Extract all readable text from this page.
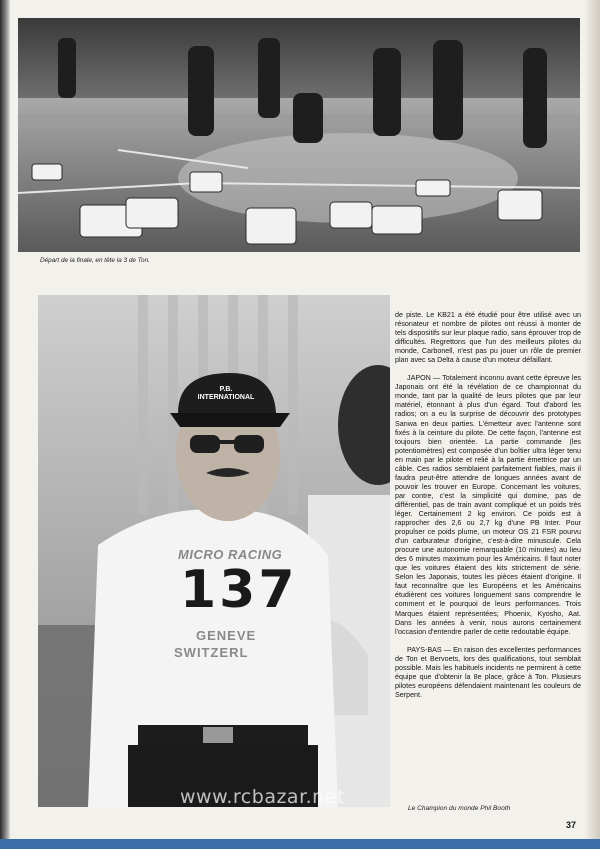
Départ de la finale, en tête la 3 de Ton.
P.B. INTERNATIONAL
MICRO RACING
137
GENEVE
SWITZERL

de piste. Le KB21 a été étudié pour être utilisé avec un résonateur et nombre de pilotes ont réussi à monter de tels dispositifs sur leur plaque radio, sans éprouver trop de difficultés. Regrettons que l'un des meilleurs pilotes du monde, Carbonell, n'est pas pu jouer un rôle de premier plan avec sa Delta à cause d'un moteur défaillant.

JAPON — Totalement inconnu avant cette épreuve les Japonais ont été la révélation de ce championnat du monde, tant par la qualité de leurs pilotes que par leur matériel, étonnant à plus d'un égard. Tout d'abord les radios; on a eu la surprise de découvrir des prototypes Sanwa en deux parties. L'émetteur avec l'antenne sont fixés à la ceinture du pilote. De cette façon, l'antenne est toujours bien orientée. La partie commande (les potentiomètres) est composée d'un boîtier ultra léger tenu en main par le pilote et relié à la partie émettrice par un câble. Ces radios semblaient parfaitement fiables, mais il faudra peut-être attendre de longues années avant de pouvoir les trouver en Europe. Concernant les voitures, par contre, c'est la simplicité qui domine, pas de différentiel, pas de train avant compliqué et un poids très léger. Certainement 2 kg environ. Ce poids est à rapprocher des 2,6 ou 2,7 kg d'une PB Inter. Pour propulser ce poids plume, un moteur OS 21 FSR pourvu d'un carburateur d'origine, c'est-à-dire minuscule. Cela procure une autonomie remarquable (10 minutes) au lieu des 6 minutes maximum pour les Américains. Il faut noter que les voitures étaient des kits strictement de série. Selon les Japonais, toutes les pièces étaient d'origine. Il faut reconnaître que les Européens et les Américains étudièrent ces voitures longuement sans comprendre le comment et le pourquoi de leurs performances. Trois Marques étaient représentées; Phoenix, Kyosho, Aat. Dans les années à venir, nous aurons certainement l'occasion d'entendre parler de cette redoutable équipe.

PAYS-BAS — En raison des excellentes performances de Ton et Bervoets, lors des qualifications, tout semblait possible. Mais les habituels incidents ne permirent à cette équipe que d'obtenir la 8e place, grâce à Ton. Plusieurs pilotes européens défendaient maintenant les couleurs de Serpent.

Le Champion du monde Phil Booth
www.rcbazar.net
37
